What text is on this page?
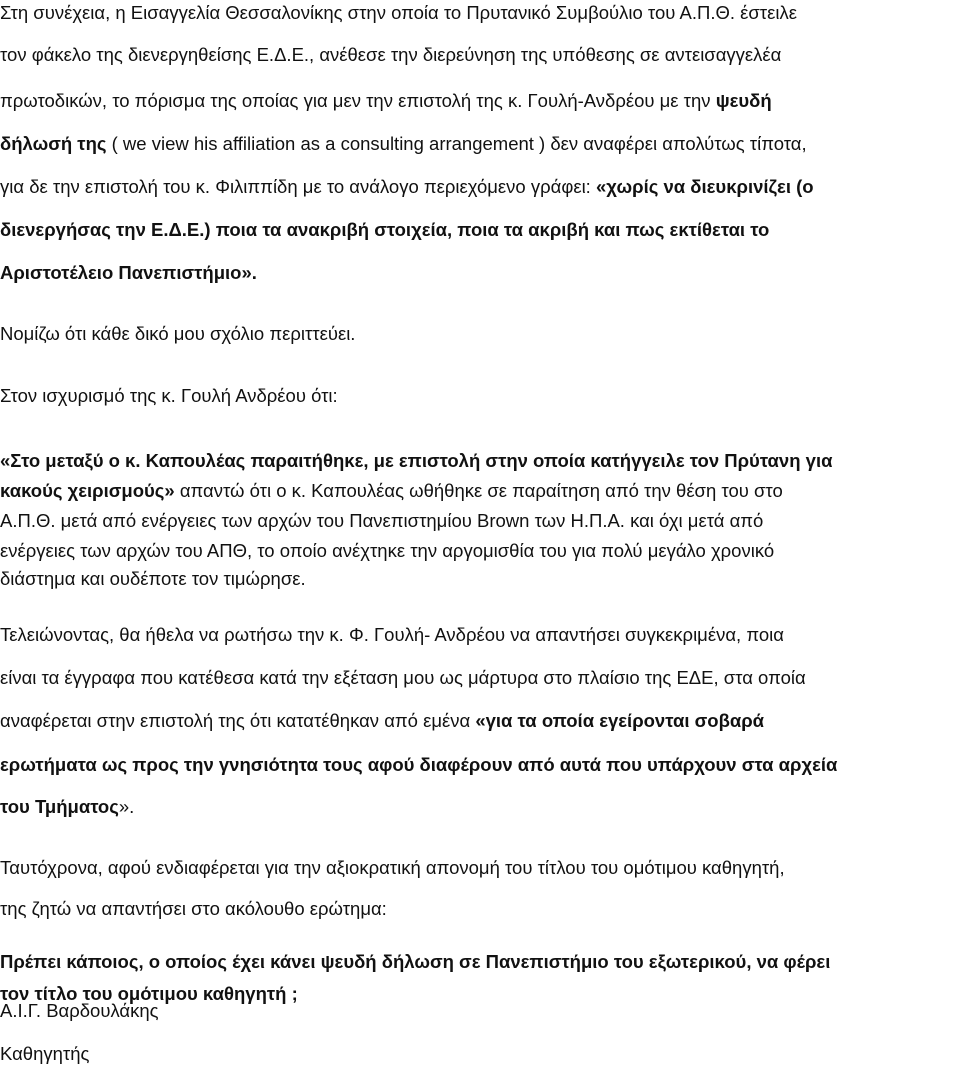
Στη συνέχεια, η Εισαγγελία Θεσσαλονίκης στην οποία το Πρυτανικό Συμβούλιο του Α.Π.Θ. έστειλε
τον φάκελο της διενεργηθείσης Ε.Δ.Ε., ανέθεσε την διερεύνηση της υπόθεσης σε αντεισαγγελέα
πρωτοδικών, το πόρισμα της οποίας για μεν την επιστολή της κ. Γουλή-Ανδρέου με την ψευδή
δήλωσή της ( we view his affiliation as a consulting arrangement ) δεν αναφέρει απολύτως τίποτα,
για δε την επιστολή του κ. Φιλιππίδη με το ανάλογο περιεχόμενο γράφει: «χωρίς να διευκρινίζει (ο
διενεργήσας την Ε.Δ.Ε.) ποια τα ανακριβή στοιχεία, ποια τα ακριβή και πως εκτίθεται το
Αριστοτέλειο Πανεπιστήμιο».
Νομίζω ότι κάθε δικό μου σχόλιο περιττεύει.
Στον ισχυρισμό της κ. Γουλή Ανδρέου ότι:
«Στο μεταξύ ο κ. Καπουλέας παραιτήθηκε, με επιστολή στην οποία κατήγγειλε τον Πρύτανη για
κακούς χειρισμούς» απαντώ ότι ο κ. Καπουλέας ωθήθηκε σε παραίτηση από την θέση του στο
Α.Π.Θ. μετά από ενέργειες των αρχών του Πανεπιστημίου Brown των Η.Π.Α. και όχι μετά από
ενέργειες των αρχών του ΑΠΘ, το οποίο ανέχτηκε την αργομισθία του για πολύ μεγάλο χρονικό
διάστημα και ουδέποτε τον τιμώρησε.
Τελειώνοντας, θα ήθελα να ρωτήσω την κ. Φ. Γουλή- Ανδρέου να απαντήσει συγκεκριμένα, ποια
είναι τα έγγραφα που κατέθεσα κατά την εξέταση μου ως μάρτυρα στο πλαίσιο της ΕΔΕ, στα οποία
αναφέρεται στην επιστολή της ότι κατατέθηκαν από εμένα «για τα οποία εγείρονται σοβαρά
ερωτήματα ως προς την γνησιότητα τους αφού διαφέρουν από αυτά που υπάρχουν στα αρχεία
του Τμήματος».
Ταυτόχρονα, αφού ενδιαφέρεται για την αξιοκρατική απονομή του τίτλου του ομότιμου καθηγητή,
της ζητώ να απαντήσει στο ακόλουθο ερώτημα:
Πρέπει κάποιος, ο οποίος έχει κάνει ψευδή δήλωση σε Πανεπιστήμιο του εξωτερικού, να φέρει
τον τίτλο του ομότιμου καθηγητή ;
Α.Ι.Γ. Βαρδουλάκης
Καθηγητής
